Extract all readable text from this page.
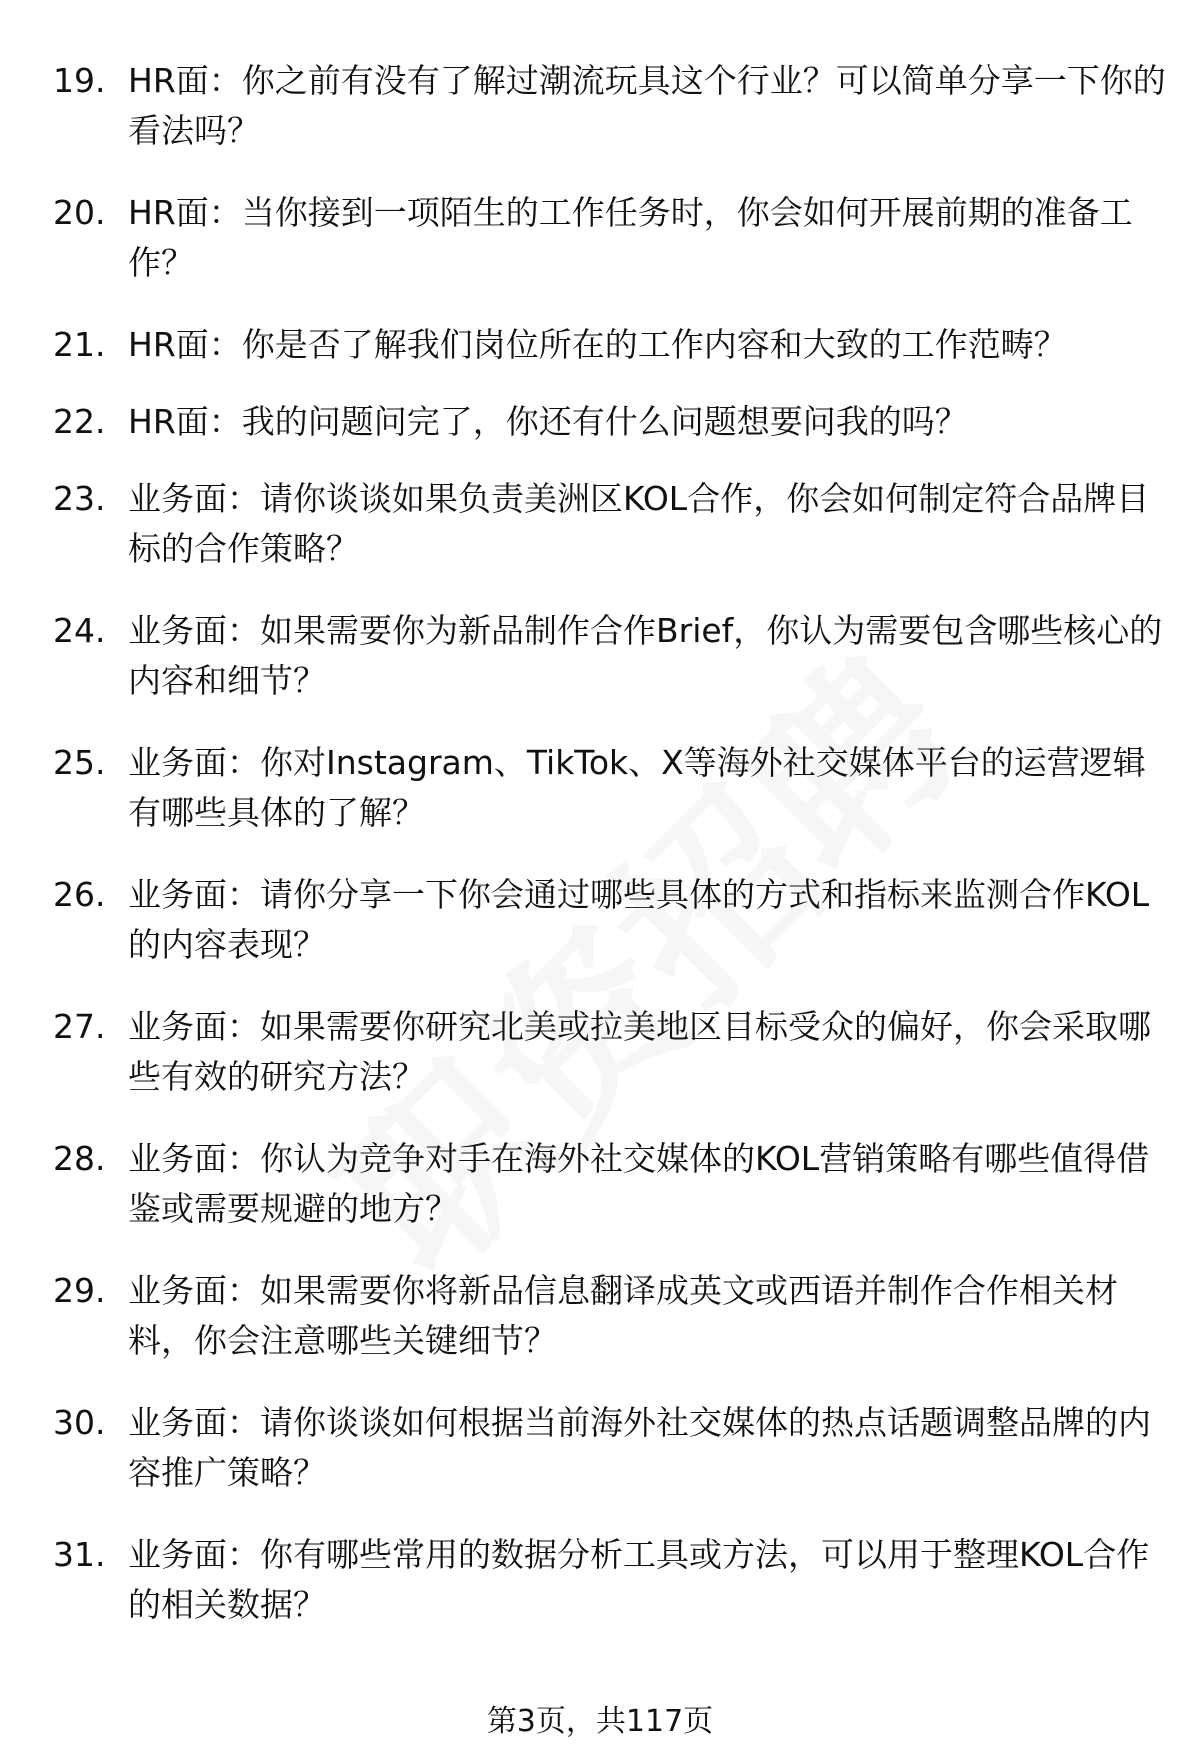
19. HR面：你之前有没有了解过潮流玩具这个行业？可以简单分享一下你的看法吗？
20. HR面：当你接到一项陌生的工作任务时，你会如何开展前期的准备工作？
21. HR面：你是否了解我们岗位所在的工作内容和大致的工作范畴？
22. HR面：我的问题问完了，你还有什么问题想要问我的吗？
23. 业务面：请你谈谈如果负责美洲区KOL合作，你会如何制定符合品牌目标的合作策略？
24. 业务面：如果需要你为新品制作合作Brief，你认为需要包含哪些核心的内容和细节？
25. 业务面：你对Instagram、TikTok、X等海外社交媒体平台的运营逻辑有哪些具体的了解？
26. 业务面：请你分享一下你会通过哪些具体的方式和指标来监测合作KOL的内容表现？
27. 业务面：如果需要你研究北美或拉美地区目标受众的偏好，你会采取哪些有效的研究方法？
28. 业务面：你认为竞争对手在海外社交媒体的KOL营销策略有哪些值得借鉴或需要规避的地方？
29. 业务面：如果需要你将新品信息翻译成英文或西语并制作合作相关材料，你会注意哪些关键细节？
30. 业务面：请你谈谈如何根据当前海外社交媒体的热点话题调整品牌的内容推广策略？
31. 业务面：你有哪些常用的数据分析工具或方法，可以用于整理KOL合作的相关数据？
第3页，共117页
